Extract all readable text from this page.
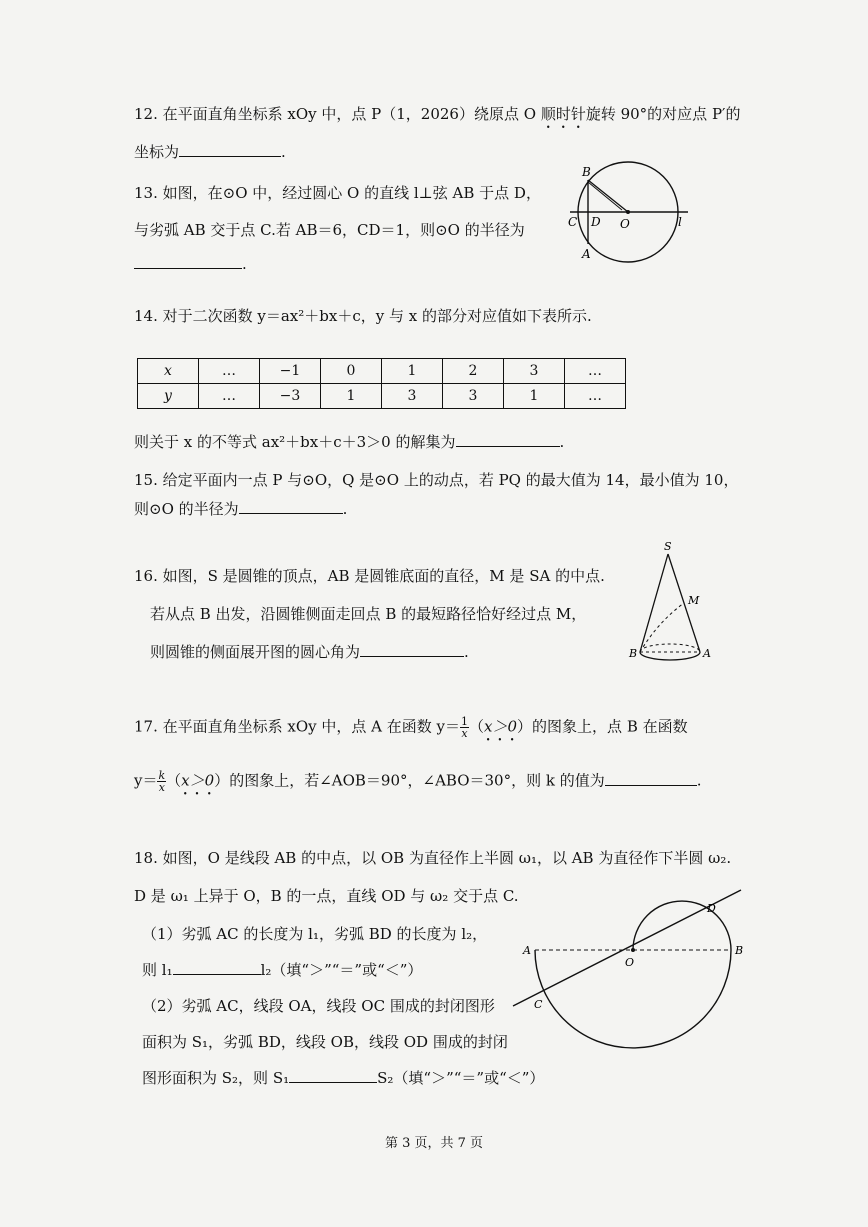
12. 在平面直角坐标系 xOy 中，点 P（1，2026）绕原点 O 顺时针旋转 90°的对应点 P′的
坐标为	.
13. 如图，在⊙O 中，经过圆心 O 的直线 l⊥弦 AB 于点 D，
与劣弧 AB 交于点 C.若 AB＝6，CD＝1，则⊙O 的半径为
.
B
C D O	l
A
14. 对于二次函数 y＝ax²＋bx＋c，y 与 x 的部分对应值如下表所示.
x	…	−1	0	1	2	3	…
y	…	−3	1	3	3	1	…
则关于 x 的不等式 ax²＋bx＋c＋3＞0 的解集为	.
15. 给定平面内一点 P 与⊙O，Q 是⊙O 上的动点，若 PQ 的最大值为 14，最小值为 10，
则⊙O 的半径为	.
16. 如图，S 是圆锥的顶点，AB 是圆锥底面的直径，M 是 SA 的中点.
若从点 B 出发，沿圆锥侧面走回点 B 的最短路径恰好经过点 M，
则圆锥的侧面展开图的圆心角为	.
S
M
B	A
17. 在平面直角坐标系 xOy 中，点 A 在函数 $y= \frac{1}{x} (x>0)$的图象上，点 B 在函数
$y= \frac{k}{x} (x>0)$的图象上，若∠AOB＝90°，∠ABO＝30°，则 k 的值为	.
18. 如图，O 是线段 AB 的中点，以 OB 为直径作上半圆 ω₁，以 AB 为直径作下半圆 ω₂.
D 是 ω₁ 上异于 O，B 的一点，直线 OD 与 ω₂ 交于点 C.
（1）劣弧 AC 的长度为 l₁，劣弧 BD 的长度为 l₂，
则 l₁	l₂（填“＞”“＝”或“＜”）
（2）劣弧 AC，线段 OA，线段 OC 围成的封闭图形
面积为 S₁，劣弧 BD，线段 OB，线段 OD 围成的封闭
图形面积为 S₂，则 S₁	S₂（填“＞”“＝”或“＜”）
A	B
O
C
D
第 3 页，共 7 页
